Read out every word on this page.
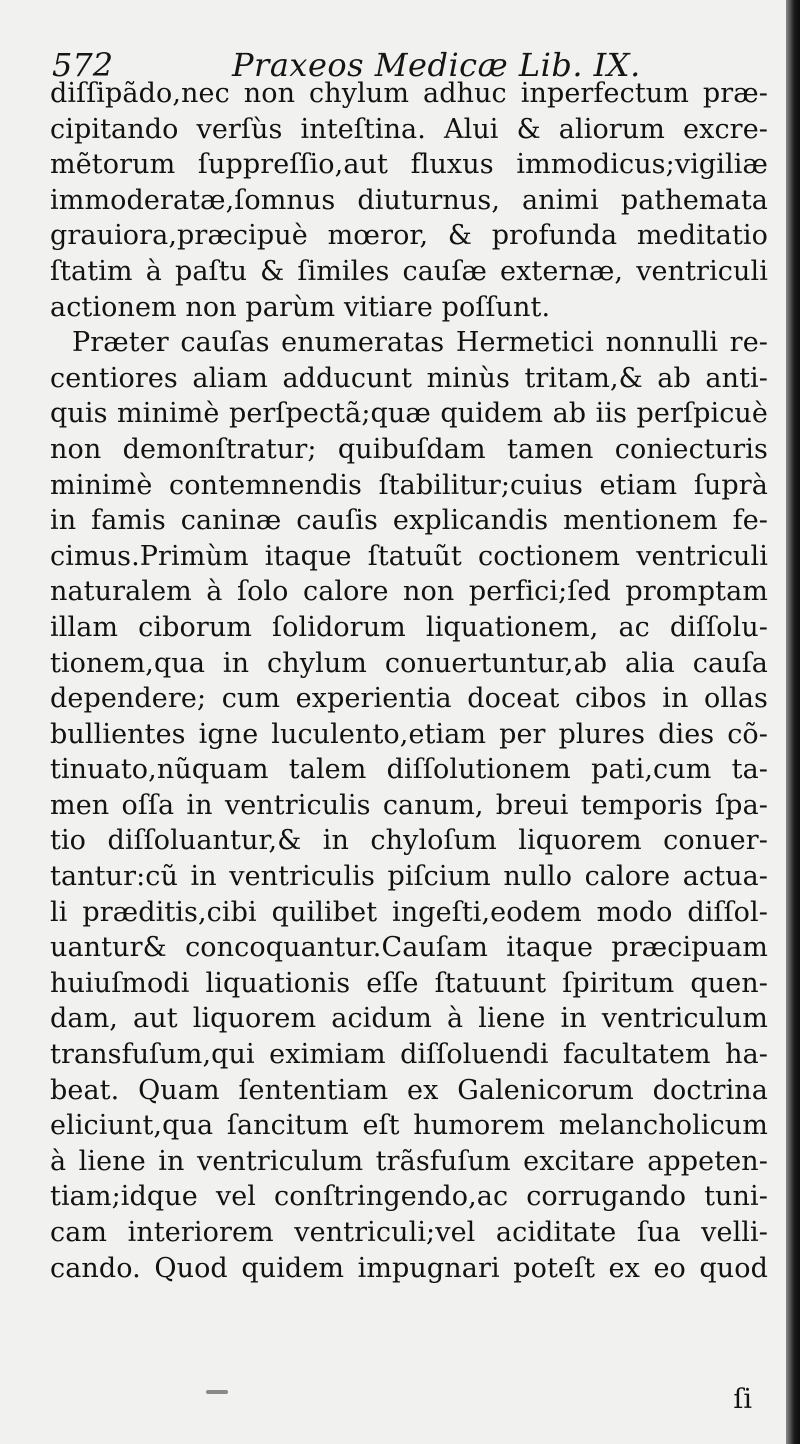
572	Praxeos Medicæ Lib. IX.
diſſipãdo,nec non chylum adhuc inperfectum præ-
cipitando verſùs inteſtina. Alui & aliorum excre-
mẽtorum ſuppreſſio,aut fluxus immodicus;vigiliæ
immoderatæ,ſomnus diuturnus, animi pathemata
grauiora,præcipuè mœror, & profunda meditatio
ſtatim à paſtu & ſimiles cauſæ externæ, ventriculi
actionem non parùm vitiare poſſunt.
Præter cauſas enumeratas Hermetici nonnulli re-
centiores aliam adducunt minùs tritam,& ab anti-
quis minimè perſpectã;quæ quidem ab iis perſpicuè
non demonſtratur; quibuſdam tamen coniecturis
minimè contemnendis ſtabilitur;cuius etiam ſuprà
in famis caninæ cauſis explicandis mentionem fe-
cimus.Primùm itaque ſtatuũt coctionem ventriculi
naturalem à ſolo calore non perfici;ſed promptam
illam ciborum ſolidorum liquationem, ac diſſolu-
tionem,qua in chylum conuertuntur,ab alia cauſa
dependere; cum experientia doceat cibos in ollas
bullientes igne luculento,etiam per plures dies cõ-
tinuato,nũquam talem diſſolutionem pati,cum ta-
men oſſa in ventriculis canum, breui temporis ſpa-
tio diſſoluantur,& in chyloſum liquorem conuer-
tantur:cũ in ventriculis piſcium nullo calore actua-
li præditis,cibi quilibet ingeſti,eodem modo diſſol-
uantur& concoquantur.Cauſam itaque præcipuam
huiuſmodi liquationis eſſe ſtatuunt ſpiritum quen-
dam, aut liquorem acidum à liene in ventriculum
transfuſum,qui eximiam diſſoluendi facultatem ha-
beat. Quam ſententiam ex Galenicorum doctrina
eliciunt,qua ſancitum eſt humorem melancholicum
à liene in ventriculum trãsfuſum excitare appeten-
tiam;idque vel conſtringendo,ac corrugando tuni-
cam interiorem ventriculi;vel aciditate ſua velli-
cando. Quod quidem impugnari poteſt ex eo quod
ſi
